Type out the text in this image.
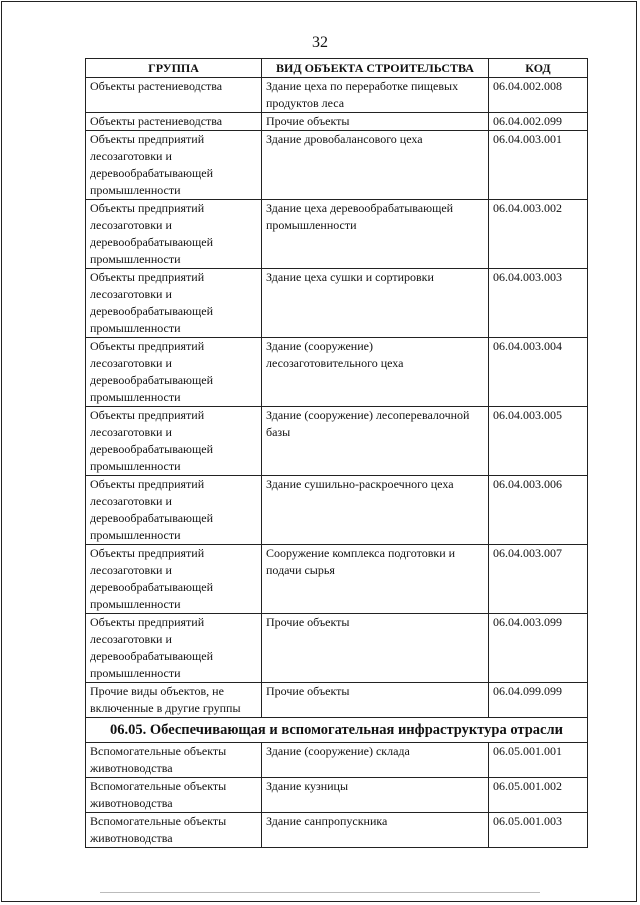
32
ГРУППА	ВИД ОБЪЕКТА СТРОИТЕЛЬСТВА	КОД
Объекты растениеводства	Здание цеха по переработке пищевых продуктов леса	06.04.002.008
Объекты растениеводства	Прочие объекты	06.04.002.099
Объекты предприятий лесозаготовки и деревообрабатывающей промышленности	Здание дровобалансового цеха	06.04.003.001
Объекты предприятий лесозаготовки и деревообрабатывающей промышленности	Здание цеха деревообрабатывающей промышленности	06.04.003.002
Объекты предприятий лесозаготовки и деревообрабатывающей промышленности	Здание цеха сушки и сортировки	06.04.003.003
Объекты предприятий лесозаготовки и деревообрабатывающей промышленности	Здание (сооружение) лесозаготовительного цеха	06.04.003.004
Объекты предприятий лесозаготовки и деревообрабатывающей промышленности	Здание (сооружение) лесоперевалочной базы	06.04.003.005
Объекты предприятий лесозаготовки и деревообрабатывающей промышленности	Здание сушильно-раскроечного цеха	06.04.003.006
Объекты предприятий лесозаготовки и деревообрабатывающей промышленности	Сооружение комплекса подготовки и подачи сырья	06.04.003.007
Объекты предприятий лесозаготовки и деревообрабатывающей промышленности	Прочие объекты	06.04.003.099
Прочие виды объектов, не включенные в другие группы	Прочие объекты	06.04.099.099
06.05. Обеспечивающая и вспомогательная инфраструктура отрасли		
Вспомогательные объекты животноводства	Здание (сооружение) склада	06.05.001.001
Вспомогательные объекты животноводства	Здание кузницы	06.05.001.002
Вспомогательные объекты животноводства	Здание санпропускника	06.05.001.003
